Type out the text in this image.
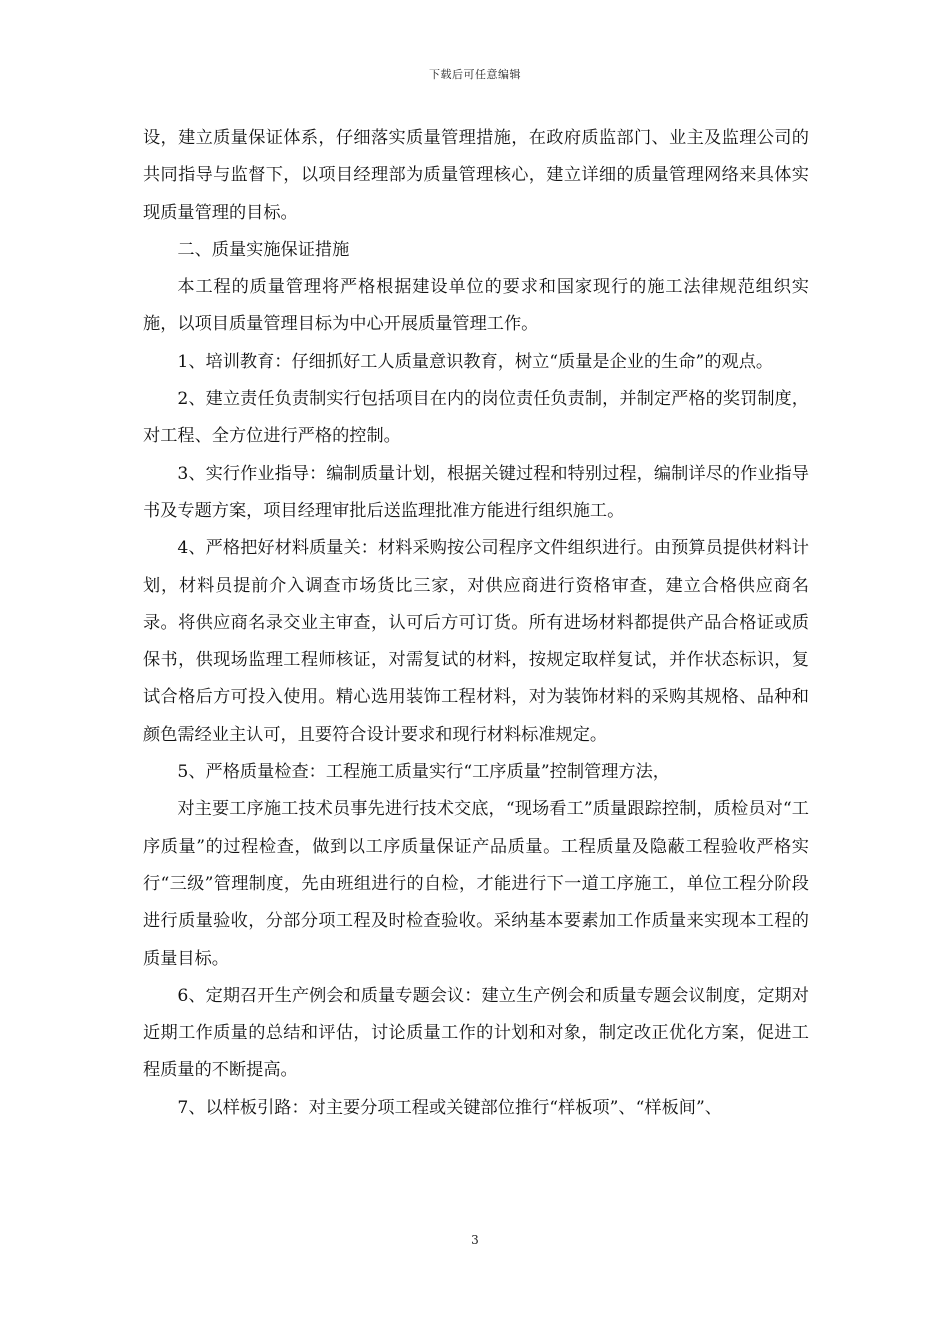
下载后可任意编辑

设，建立质量保证体系，仔细落实质量管理措施，在政府质监部门、业主及监理公司的共同指导与监督下，以项目经理部为质量管理核心，建立详细的质量管理网络来具体实现质量管理的目标。

二、质量实施保证措施

本工程的质量管理将严格根据建设单位的要求和国家现行的施工法律规范组织实施，以项目质量管理目标为中心开展质量管理工作。

1、培训教育：仔细抓好工人质量意识教育，树立“质量是企业的生命”的观点。

2、建立责任负责制实行包括项目在内的岗位责任负责制，并制定严格的奖罚制度，对工程、全方位进行严格的控制。

3、实行作业指导：编制质量计划，根据关键过程和特别过程，编制详尽的作业指导书及专题方案，项目经理审批后送监理批准方能进行组织施工。

4、严格把好材料质量关：材料采购按公司程序文件组织进行。由预算员提供材料计划，材料员提前介入调查市场货比三家，对供应商进行资格审查，建立合格供应商名录。将供应商名录交业主审查，认可后方可订货。所有进场材料都提供产品合格证或质保书，供现场监理工程师核证，对需复试的材料，按规定取样复试，并作状态标识，复试合格后方可投入使用。精心选用装饰工程材料，对为装饰材料的采购其规格、品种和颜色需经业主认可，且要符合设计要求和现行材料标准规定。

5、严格质量检查：工程施工质量实行“工序质量”控制管理方法，

对主要工序施工技术员事先进行技术交底，“现场看工”质量跟踪控制，质检员对“工序质量”的过程检查，做到以工序质量保证产品质量。工程质量及隐蔽工程验收严格实行“三级”管理制度，先由班组进行的自检，才能进行下一道工序施工，单位工程分阶段进行质量验收，分部分项工程及时检查验收。采纳基本要素加工作质量来实现本工程的质量目标。

6、定期召开生产例会和质量专题会议：建立生产例会和质量专题会议制度，定期对近期工作质量的总结和评估，讨论质量工作的计划和对象，制定改正优化方案，促进工程质量的不断提高。

7、以样板引路：对主要分项工程或关键部位推行“样板项”、“样板间”、

3
